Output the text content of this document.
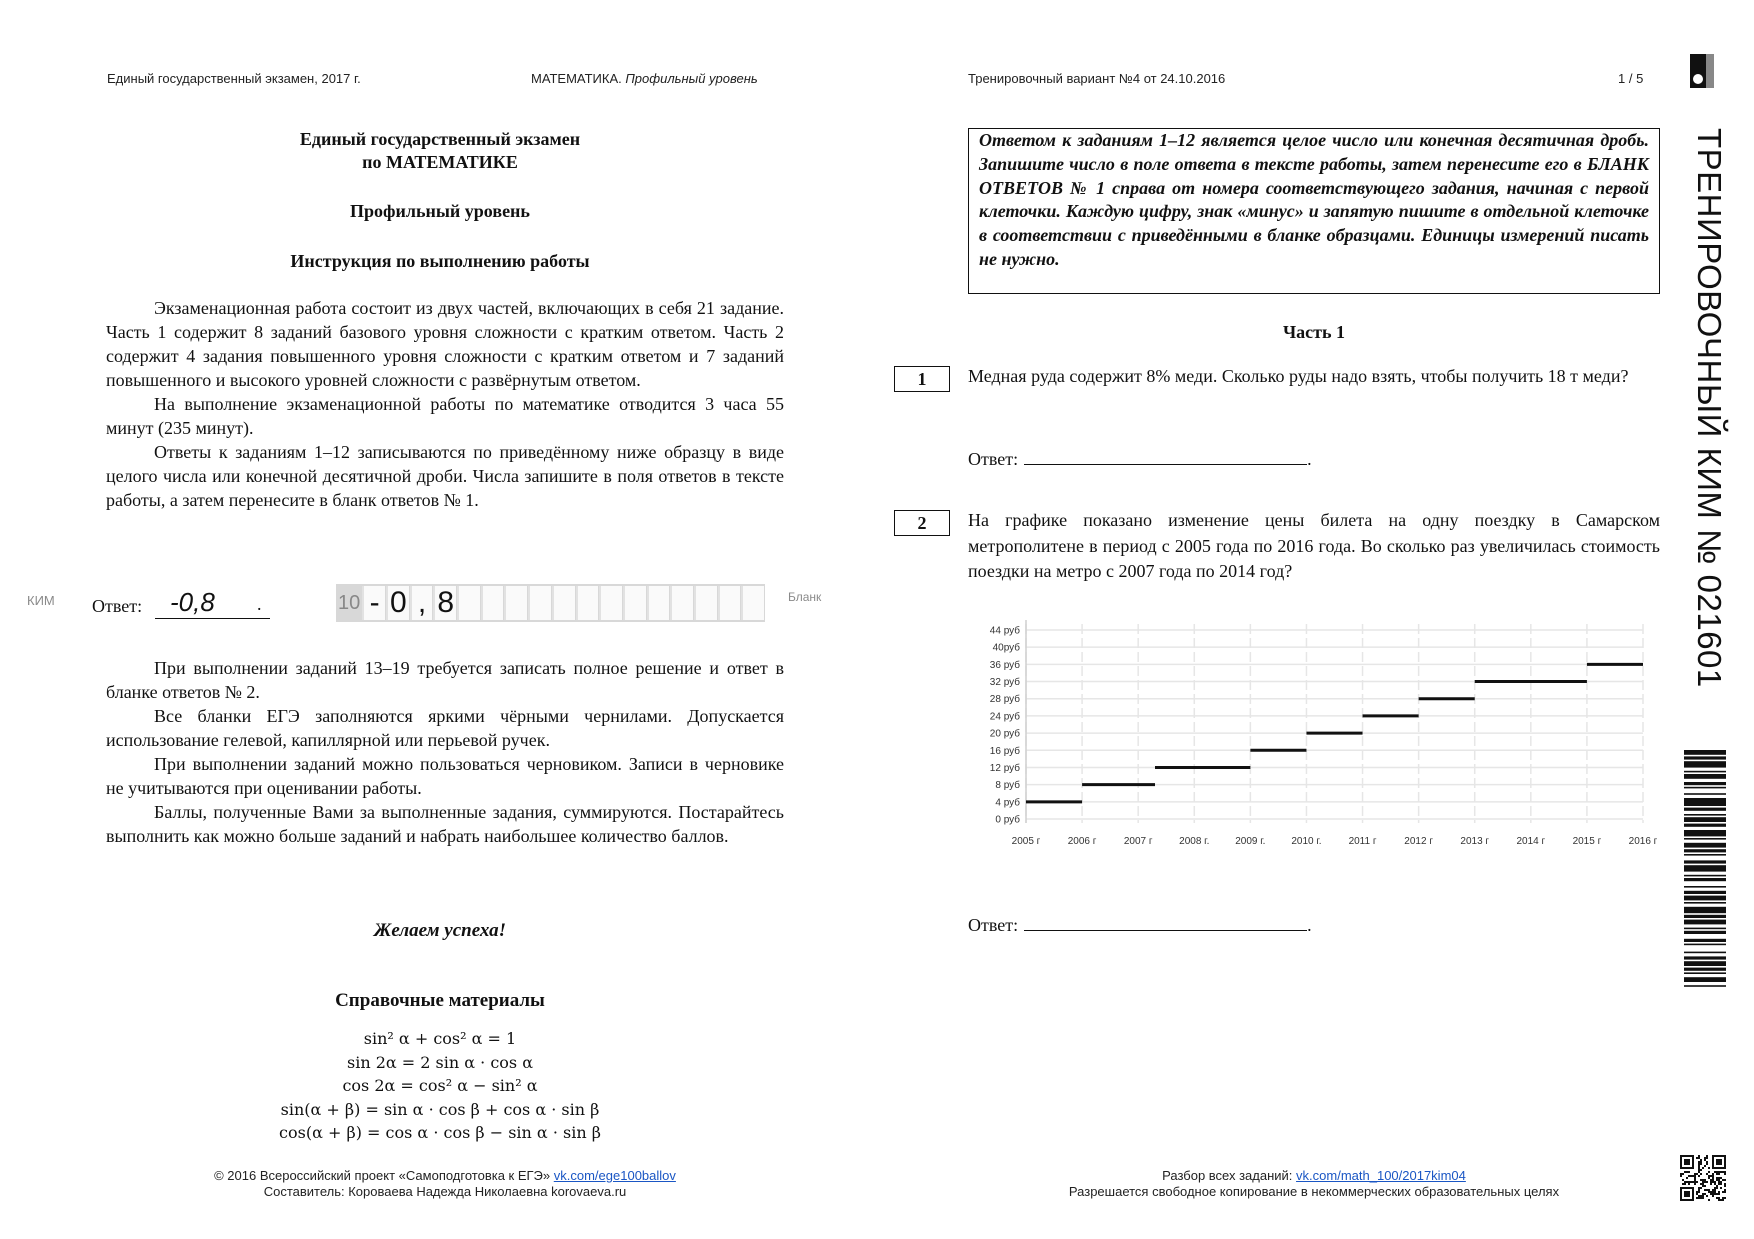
Единый государственный экзамен, 2017 г.	МАТЕМАТИКА. Профильный уровень	Тренировочный вариант №4 от 24.10.2016	1 / 5
Единый государственный экзамен
по МАТЕМАТИКЕ
Профильный уровень
Инструкция по выполнению работы

Экзаменационная работа состоит из двух частей, включающих в себя 21 задание. Часть 1 содержит 8 заданий базового уровня сложности с кратким ответом. Часть 2 содержит 4 задания повышенного уровня сложности с кратким ответом и 7 заданий повышенного и высокого уровней сложности с развёрнутым ответом.

На выполнение экзаменационной работы по математике отводится 3 часа 55 минут (235 минут).

Ответы к заданиям 1–12 записываются по приведённому ниже образцу в виде целого числа или конечной десятичной дроби. Числа запишите в поля ответов в тексте работы, а затем перенесите в бланк ответов № 1.

КИМ Ответ:	-0,8	.	10 - 0 , 8	Бланк

При выполнении заданий 13–19 требуется записать полное решение и ответ в бланке ответов № 2.

Все бланки ЕГЭ заполняются яркими чёрными чернилами. Допускается использование гелевой, капиллярной или перьевой ручек.

При выполнении заданий можно пользоваться черновиком. Записи в черновике не учитываются при оценивании работы.

Баллы, полученные Вами за выполненные задания, суммируются. Постарайтесь выполнить как можно больше заданий и набрать наибольшее количество баллов.

Желаем успеха!
Справочные материалы
sin² α + cos² α = 1
sin 2α = 2 sin α · cos α
cos 2α = cos² α − sin² α
sin(α + β) = sin α · cos β + cos α · sin β
cos(α + β) = cos α · cos β − sin α · sin β
© 2016 Всероссийский проект «Самоподготовка к ЕГЭ» vk.com/ege100ballov
Составитель: Короваева Надежда Николаевна korovaeva.ru

Ответом к заданиям 1–12 является целое число или конечная десятичная дробь. Запишите число в поле ответа в тексте работы, затем перенесите его в БЛАНК ОТВЕТОВ № 1 справа от номера соответствующего задания, начиная с первой клеточки. Каждую цифру, знак «минус» и запятую пишите в отдельной клеточке в соответствии с приведёнными в бланке образцами. Единицы измерений писать не нужно.

Часть 1
1	Медная руда содержит 8% меди. Сколько руды надо взять, чтобы получить 18 т меди?

Ответ:	.
2	На графике показано изменение цены билета на одну поездку в Самарском метрополитене в период с 2005 года по 2016 года. Во сколько раз увеличилась стоимость поездки на метро с 2007 года по 2014 год?

0 руб
4 руб
8 руб
12 руб
16 руб
20 руб
24 руб
28 руб
32 руб
36 руб
40руб
44 руб
2005 г	2006 г	2007 г	2008 г.	2009 г.	2010 г.	2011 г	2012 г	2013 г	2014 г	2015 г	2016 г
Ответ:	.
Разбор всех заданий: vk.com/math_100/2017kim04
Разрешается свободное копирование в некоммерческих образовательных целях
ТРЕНИРОВОЧНЫЙ КИМ № 021601
